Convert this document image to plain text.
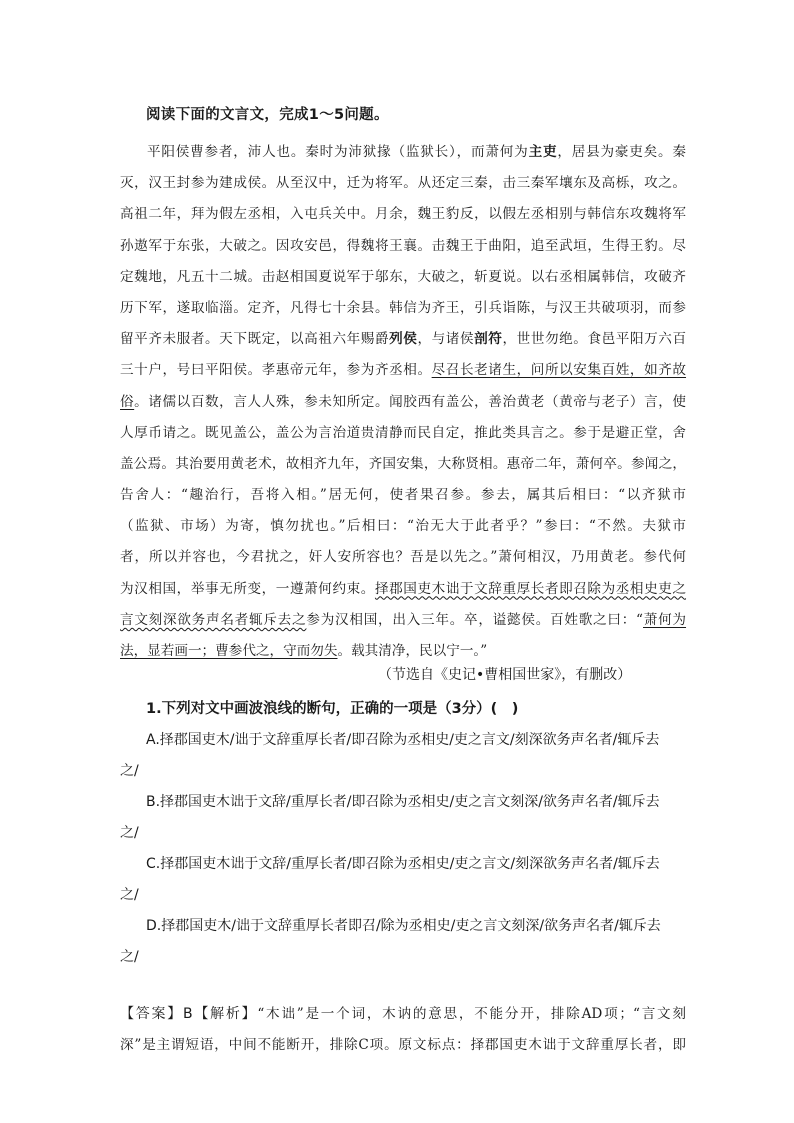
阅读下面的文言文，完成1～5问题。
平阳侯曹参者，沛人也。秦时为沛狱掾（监狱长），而萧何为主吏，居县为豪吏矣。秦
灭，汉王封参为建成侯。从至汉中，迁为将军。从还定三秦，击三秦军壤东及高栎，攻之。
高祖二年，拜为假左丞相，入屯兵关中。月余，魏王豹反，以假左丞相别与韩信东攻魏将军
孙遨军于东张，大破之。因攻安邑，得魏将王襄。击魏王于曲阳，追至武垣，生得王豹。尽
定魏地，凡五十二城。击赵相国夏说军于邬东，大破之，斩夏说。以右丞相属韩信，攻破齐
历下军，遂取临淄。定齐，凡得七十余县。韩信为齐王，引兵诣陈，与汉王共破项羽，而参
留平齐未服者。天下既定，以高祖六年赐爵列侯，与诸侯剖符，世世勿绝。食邑平阳万六百
三十户，号曰平阳侯。孝惠帝元年，参为齐丞相。尽召长老诸生，问所以安集百姓，如齐故
俗。诸儒以百数，言人人殊，参未知所定。闻胶西有盖公，善治黄老（黄帝与老子）言，使
人厚币请之。既见盖公，盖公为言治道贵清静而民自定，推此类具言之。参于是避正堂，舍
盖公焉。其治要用黄老术，故相齐九年，齐国安集，大称贤相。惠帝二年，萧何卒。参闻之，
告舍人：“趣治行，吾将入相。”居无何，使者果召参。参去，属其后相曰：“以齐狱市
（监狱、市场）为寄，慎勿扰也。”后相曰：“治无大于此者乎？”参曰：“不然。夫狱市
者，所以并容也，今君扰之，奸人安所容也？吾是以先之。”萧何相汉，乃用黄老。参代何
为汉相国，举事无所变，一遵萧何约束。择郡国吏木诎于文辞重厚长者即召除为丞相史吏之
言文刻深欲务声名者辄斥去之参为汉相国，出入三年。卒，谥懿侯。百姓歌之曰：“萧何为
法，显若画一；曹参代之，守而勿失。载其清净，民以宁一。”
（节选自《史记•曹相国世家》，有删改）
1.下列对文中画波浪线的断句，正确的一项是（3分）(　)
A.择郡国吏木/诎于文辞重厚长者/即召除为丞相史/吏之言文/刻深欲务声名者/辄斥去
之/
B.择郡国吏木诎于文辞/重厚长者/即召除为丞相史/吏之言文刻深/欲务声名者/辄斥去
之/
C.择郡国吏木诎于文辞/重厚长者/即召除为丞相史/吏之言文/刻深欲务声名者/辄斥去
之/
D.择郡国吏木/诎于文辞重厚长者即召/除为丞相史/吏之言文刻深/欲务声名者/辄斥去
之/
【答案】B【解析】“木诎”是一个词，木讷的意思，不能分开，排除AD项；“言文刻
深”是主谓短语，中间不能断开，排除C项。原文标点：择郡国吏木诎于文辞重厚长者，即
